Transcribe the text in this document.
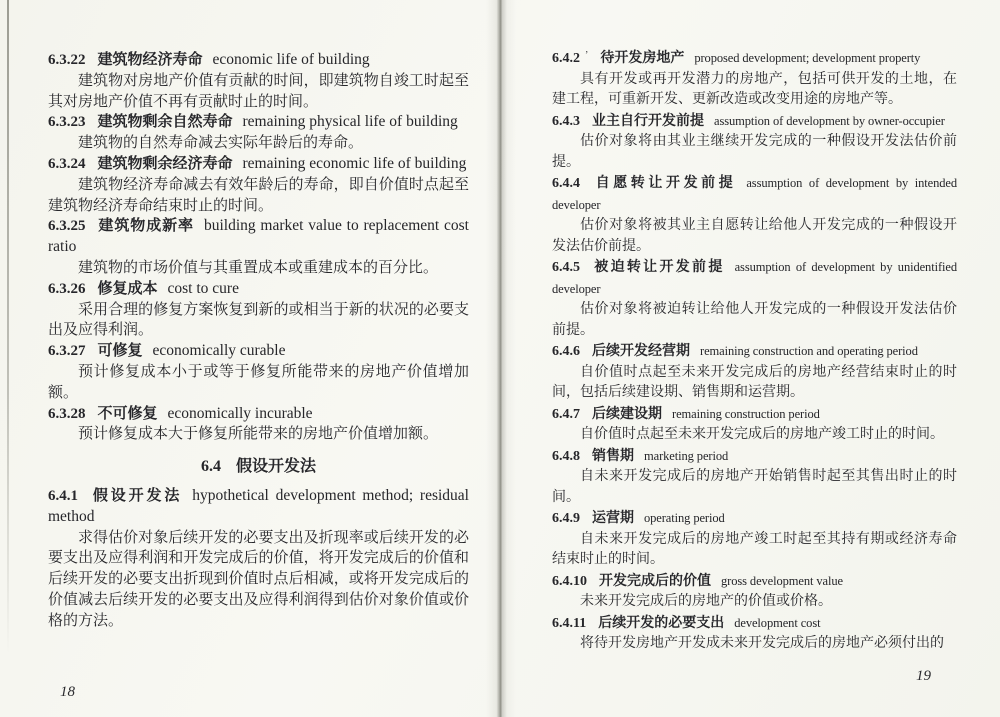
6.3.22 建筑物经济寿命 economic life of building

建筑物对房地产价值有贡献的时间，即建筑物自竣工时起至其对房地产价值不再有贡献时止的时间。

6.3.23 建筑物剩余自然寿命 remaining physical life of building

建筑物的自然寿命减去实际年龄后的寿命。

6.3.24 建筑物剩余经济寿命 remaining economic life of building

建筑物经济寿命减去有效年龄后的寿命，即自价值时点起至建筑物经济寿命结束时止的时间。

6.3.25 建筑物成新率 building market value to replacement cost ratio

建筑物的市场价值与其重置成本或重建成本的百分比。

6.3.26 修复成本 cost to cure

采用合理的修复方案恢复到新的或相当于新的状况的必要支出及应得利润。

6.3.27 可修复 economically curable

预计修复成本小于或等于修复所能带来的房地产价值增加额。

6.3.28 不可修复 economically incurable

预计修复成本大于修复所能带来的房地产价值增加额。

6.4 假设开发法

6.4.1 假设开发法 hypothetical development method; residual method

求得估价对象后续开发的必要支出及折现率或后续开发的必要支出及应得利润和开发完成后的价值，将开发完成后的价值和后续开发的必要支出折现到价值时点后相减，或将开发完成后的价值减去后续开发的必要支出及应得利润得到估价对象价值或价格的方法。

6.4.2 ’ 待开发房地产 proposed development; development property

具有开发或再开发潜力的房地产，包括可供开发的土地，在建工程，可重新开发、更新改造或改变用途的房地产等。

6.4.3 业主自行开发前提 assumption of development by owner-occupier

估价对象将由其业主继续开发完成的一种假设开发法估价前提。

6.4.4 自愿转让开发前提 assumption of development by intended developer

估价对象将被其业主自愿转让给他人开发完成的一种假设开发法估价前提。

6.4.5 被迫转让开发前提 assumption of development by unidentified developer

估价对象将被迫转让给他人开发完成的一种假设开发法估价前提。

6.4.6 后续开发经营期 remaining construction and operating period

自价值时点起至未来开发完成后的房地产经营结束时止的时间，包括后续建设期、销售期和运营期。

6.4.7 后续建设期 remaining construction period

自价值时点起至未来开发完成后的房地产竣工时止的时间。

6.4.8 销售期 marketing period

自未来开发完成后的房地产开始销售时起至其售出时止的时间。

6.4.9 运营期 operating period

自未来开发完成后的房地产竣工时起至其持有期或经济寿命结束时止的时间。

6.4.10 开发完成后的价值 gross development value

未来开发完成后的房地产的价值或价格。

6.4.11 后续开发的必要支出 development cost

将待开发房地产开发成未来开发完成后的房地产必须付出的

18
19
